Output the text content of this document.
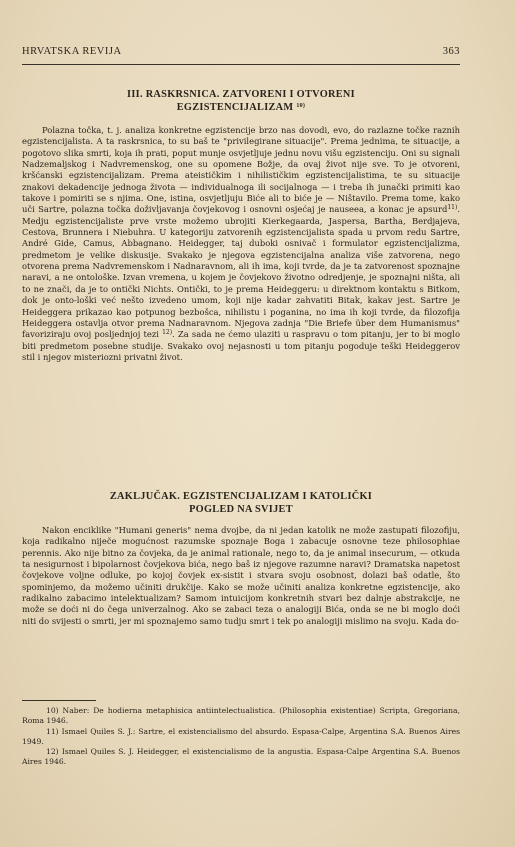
HRVATSKA REVIJA	363
III. RASKRSNICA. ZATVORENI I OTVORENI
EGZISTENCIJALIZAM $^{10)}$

Polazna točka, t. j. analiza konkretne egzistencije brzo nas dovodi, evo, do razlazne točke raznih egzistencijalista. A ta raskrsnica, to su baš te "privilegirane situacije". Prema jednima, te situacije, a pogotovo slika smrti, koja ih prati, poput munje osvjetljuje jednu novu višu egzistenciju. Oni su signali Nadzemaljskog i Nadvremenskog, one su opomene Božje, da ovaj život nije sve. To je otvoreni, kršćanski egzistencijalizam. Prema ateističkim i nihilističkim egzistencijalistima, te su situacije znakovi dekadencije jednoga života — individualnoga ili socijalnoga — i treba ih junački primiti kao takove i pomiriti se s njima. One, istina, osvjetljuju Biće ali to biće je — Ništavilo. Prema tome, kako uči Sartre, polazna točka doživljavanja čovjekovog i osnovni osjećaj je nauseea, a konac je apsurd$^{11)}$. Medju egzistencijaliste prve vrste možemo ubrojiti Kierkegaarda, Jaspersa, Bartha, Berdjajeva, Cestova, Brunnera i Niebuhra. U kategoriju zatvorenih egzistencijalista spada u prvom redu Sartre, André Gide, Camus, Abbagnano. Heidegger, taj duboki osnivač i formulator egzistencijalizma, predmetom je velike diskusije. Svakako je njegova egzistencijalna analiza više zatvorena, nego otvorena prema Nadvremenskom i Nadnaravnom, ali ih ima, koji tvrde, da je ta zatvorenost spoznajne naravi, a ne ontološke. Izvan vremena, u kojem je čovjekovo životno odredjenje, je spoznajni ništa, ali to ne znači, da je to ontički Nichts. Ontički, to je prema Heideggeru: u direktnom kontaktu s Bitkom, dok je onto-loški već nešto izvedeno umom, koji nije kadar zahvatiti Bitak, kakav jest. Sartre je Heideggera prikazao kao potpunog bezbošca, nihilistu i poganina, no ima ih koji tvrde, da filozofija Heideggera ostavlja otvor prema Nadnaravnom. Njegova zadnja "Die Briefe über dem Humanismus" favoriziraju ovoj posljednjoj tezi $^{12)}$. Za sada ne ćemo ulaziti u raspravu o tom pitanju, jer to bi moglo biti predmetom posebne studije. Svakako ovoj nejasnosti u tom pitanju pogoduje teški Heideggerov stil i njegov misteriozni privatni život.

ZAKLJUČAK. EGZISTENCIJALIZAM I KATOLIČKI
POGLED NA SVIJET

Nakon enciklike "Humani generis" nema dvojbe, da ni jedan katolik ne može zastupati filozofiju, koja radikalno niječe mogućnost razumske spoznaje Boga i zabacuje osnovne teze philosophiae perennis. Ako nije bitno za čovjeka, da je animal rationale, nego to, da je animal insecurum, — otkuda ta nesigurnost i bipolarnost čovjekova bića, nego baš iz njegove razumne naravi? Dramatska napetost čovjekove voljne odluke, po kojoj čovjek ex-sistit i stvara svoju osobnost, dolazi baš odatle, što spominjemo, da možemo učiniti drukčije. Kako se može učiniti analiza konkretne egzistencije, ako radikalno zabacimo intelektualizam? Samom intuicijom konkretnih stvari bez dalnje abstrakcije, ne može se doći ni do čega univerzalnog. Ako se zabaci teza o analogiji Bića, onda se ne bi moglo doći niti do svijesti o smrti, jer mi spoznajemo samo tudju smrt i tek po analogiji mislimo na svoju. Kada do-

10) Naber: De hodierna metaphisica antiintelectualistica. (Philosophia existentiae) Scripta, Gregoriana, Roma 1946.

11) Ismael Quiles S. J.: Sartre, el existencialismo del absurdo. Espasa-Calpe, Argentina S.A. Buenos Aires 1949.

12) Ismael Quiles S. J. Heidegger, el existencialismo de la angustia. Espasa-Calpe Argentina S.A. Buenos Aires 1946.
